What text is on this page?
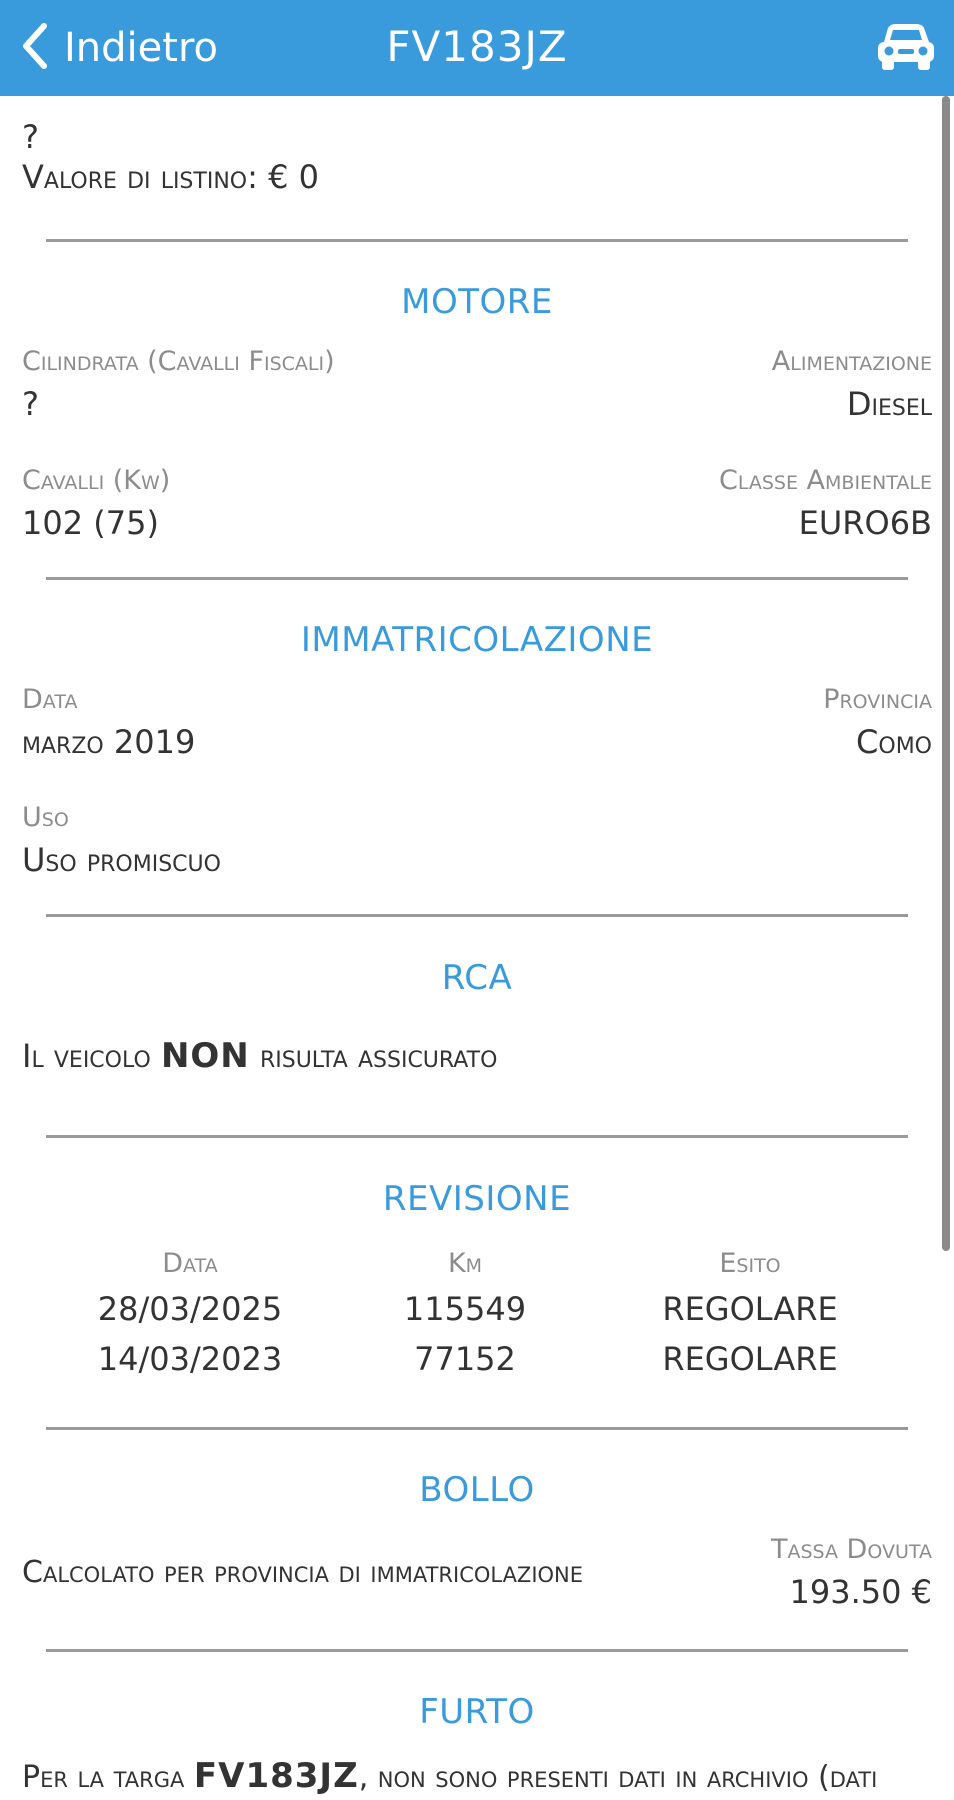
Indietro	FV183JZ
?
Valore di listino: € 0
MOTORE
Cilindrata (Cavalli Fiscali)
?
Alimentazione
Diesel
Cavalli (Kw)
102 (75)
Classe Ambientale
EURO6B
IMMATRICOLAZIONE
Data
marzo 2019
Provincia
Como
Uso
Uso promiscuo
RCA
Il veicolo NON risulta assicurato
REVISIONE
Data	Km	Esito
28/03/2025	115549	REGOLARE
14/03/2023	77152	REGOLARE
BOLLO
Calcolato per provincia di immatricolazione
Tassa Dovuta
193.50 €
FURTO
Per la targa FV183JZ, non sono presenti dati in archivio (dati
